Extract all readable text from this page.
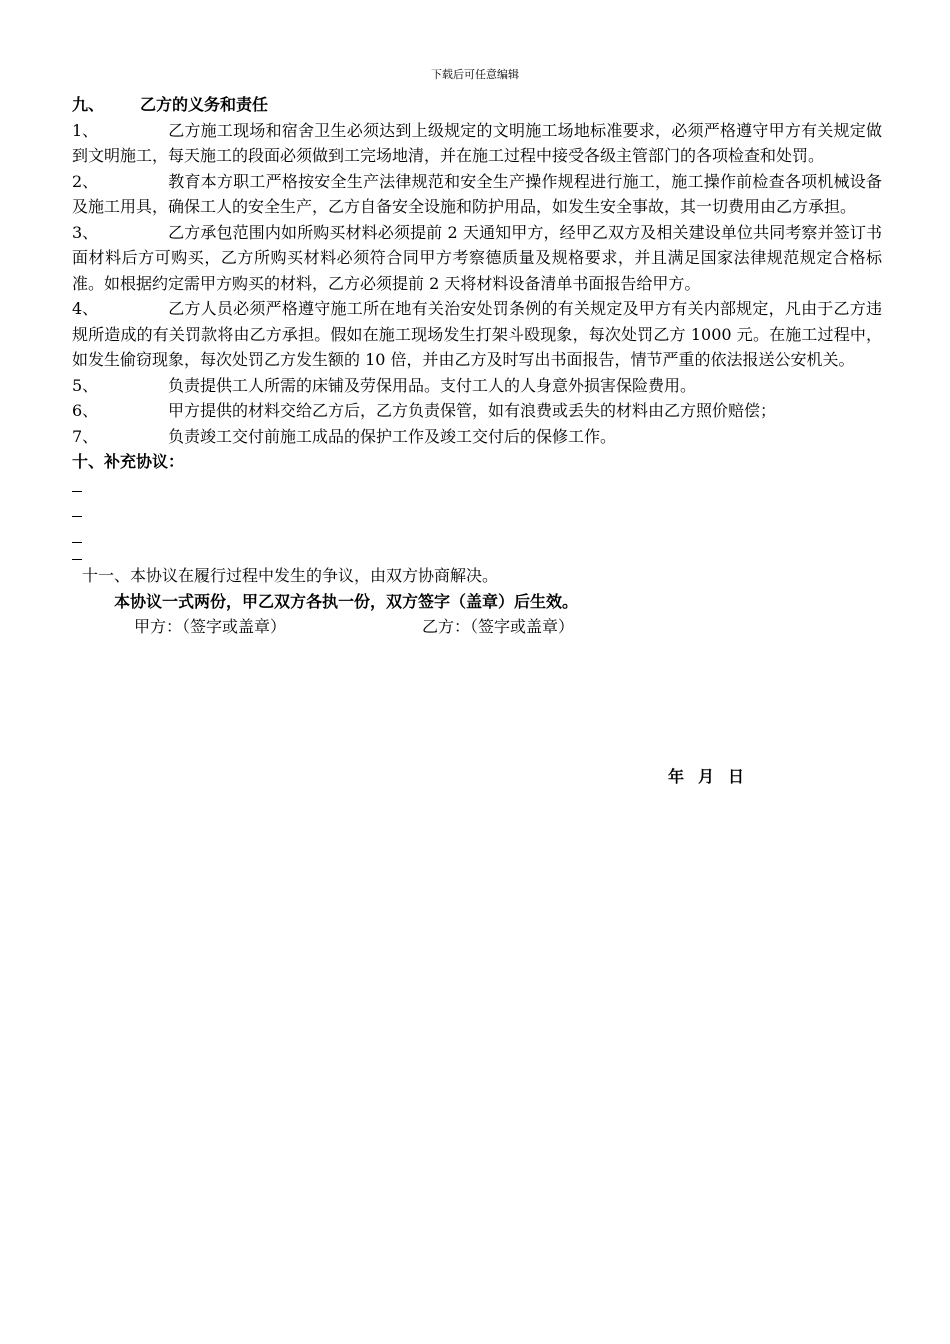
下载后可任意编辑
九、	乙方的义务和责任
1、	乙方施工现场和宿舍卫生必须达到上级规定的文明施工场地标准要求，必须严格遵守甲方有关规定做到文明施工，每天施工的段面必须做到工完场地清，并在施工过程中接受各级主管部门的各项检查和处罚。
2、	教育本方职工严格按安全生产法律规范和安全生产操作规程进行施工，施工操作前检查各项机械设备及施工用具，确保工人的安全生产，乙方自备安全设施和防护用品，如发生安全事故，其一切费用由乙方承担。
3、	乙方承包范围内如所购买材料必须提前 2 天通知甲方，经甲乙双方及相关建设单位共同考察并签订书面材料后方可购买，乙方所购买材料必须符合同甲方考察德质量及规格要求，并且满足国家法律规范规定合格标准。如根据约定需甲方购买的材料，乙方必须提前 2 天将材料设备清单书面报告给甲方。
4、	乙方人员必须严格遵守施工所在地有关治安处罚条例的有关规定及甲方有关内部规定，凡由于乙方违规所造成的有关罚款将由乙方承担。假如在施工现场发生打架斗殴现象，每次处罚乙方 1000 元。在施工过程中，如发生偷窃现象，每次处罚乙方发生额的 10 倍，并由乙方及时写出书面报告，情节严重的依法报送公安机关。
5、	负责提供工人所需的床铺及劳保用品。支付工人的人身意外损害保险费用。
6、	甲方提供的材料交给乙方后，乙方负责保管，如有浪费或丢失的材料由乙方照价赔偿；
7、	负责竣工交付前施工成品的保护工作及竣工交付后的保修工作。
十、补充协议：
十一、本协议在履行过程中发生的争议，由双方协商解决。
本协议一式两份，甲乙双方各执一份，双方签字（盖章）后生效。
甲方：（签字或盖章）	乙方：（签字或盖章）
年 月 日
